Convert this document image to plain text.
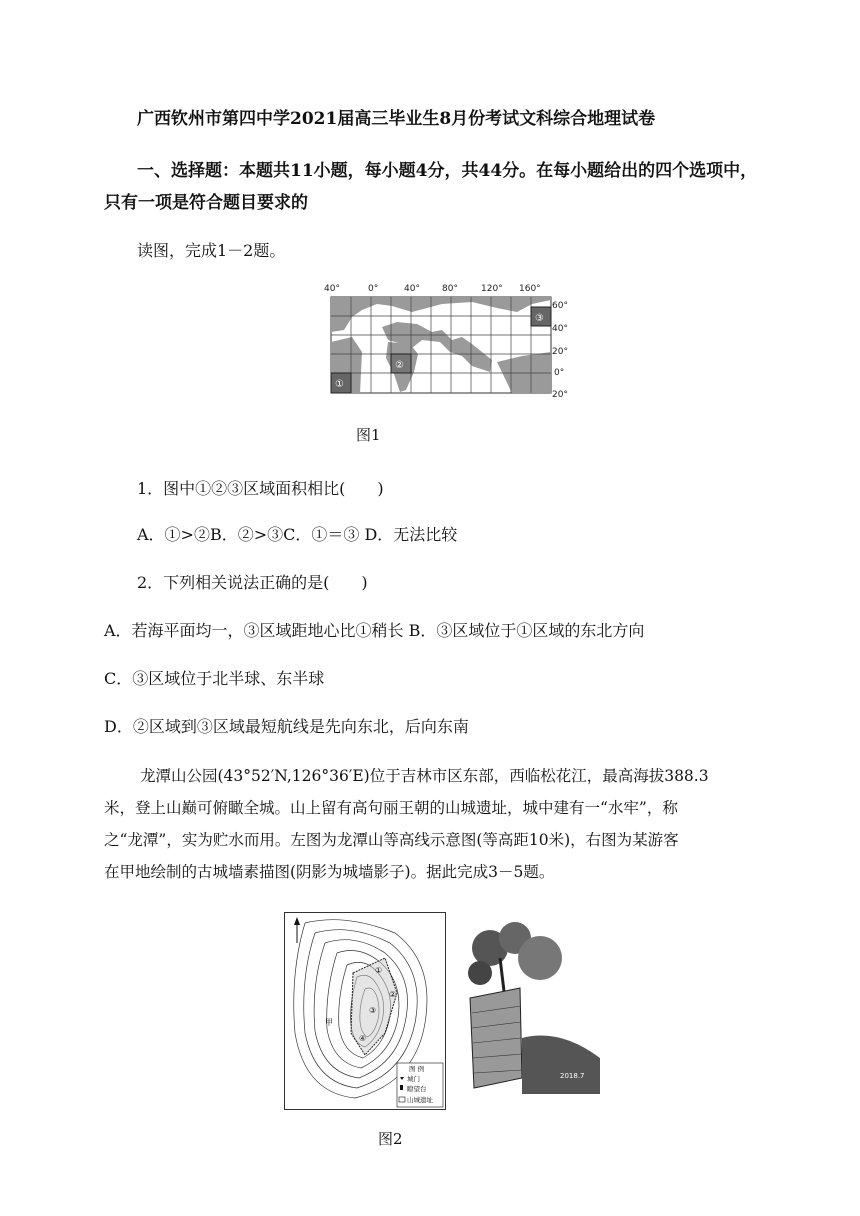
广西钦州市第四中学2021届高三毕业生8月份考试文科综合地理试卷
一、选择题：本题共11小题，每小题4分，共44分。在每小题给出的四个选项中，
只有一项是符合题目要求的
读图，完成1－2题。
40°	0°	40° 80°	120° 160°
60°
40°
20°
0°
20°
①
②
③
图1
1．图中①②③区域面积相比(　　)
A．①>②B．②>③C．①＝③ D．无法比较
2．下列相关说法正确的是(　　)
A．若海平面均一，③区域距地心比①稍长 B．③区域位于①区域的东北方向
C．③区域位于北半球、东半球
D．②区域到③区域最短航线是先向东北，后向东南
龙潭山公园(43°52′N,126°36′E)位于吉林市区东部，西临松花江，最高海拔388.3
米，登上山巅可俯瞰全城。山上留有高句丽王朝的山城遗址，城中建有一“水牢”，称
之“龙潭”，实为贮水而用。左图为龙潭山等高线示意图(等高距10米)，右图为某游客
在甲地绘制的古城墙素描图(阴影为城墙影子)。据此完成3－5题。
甲
①
②
③
④
图 例
城门
瞭望台
山城遗址
2018.7
图2
